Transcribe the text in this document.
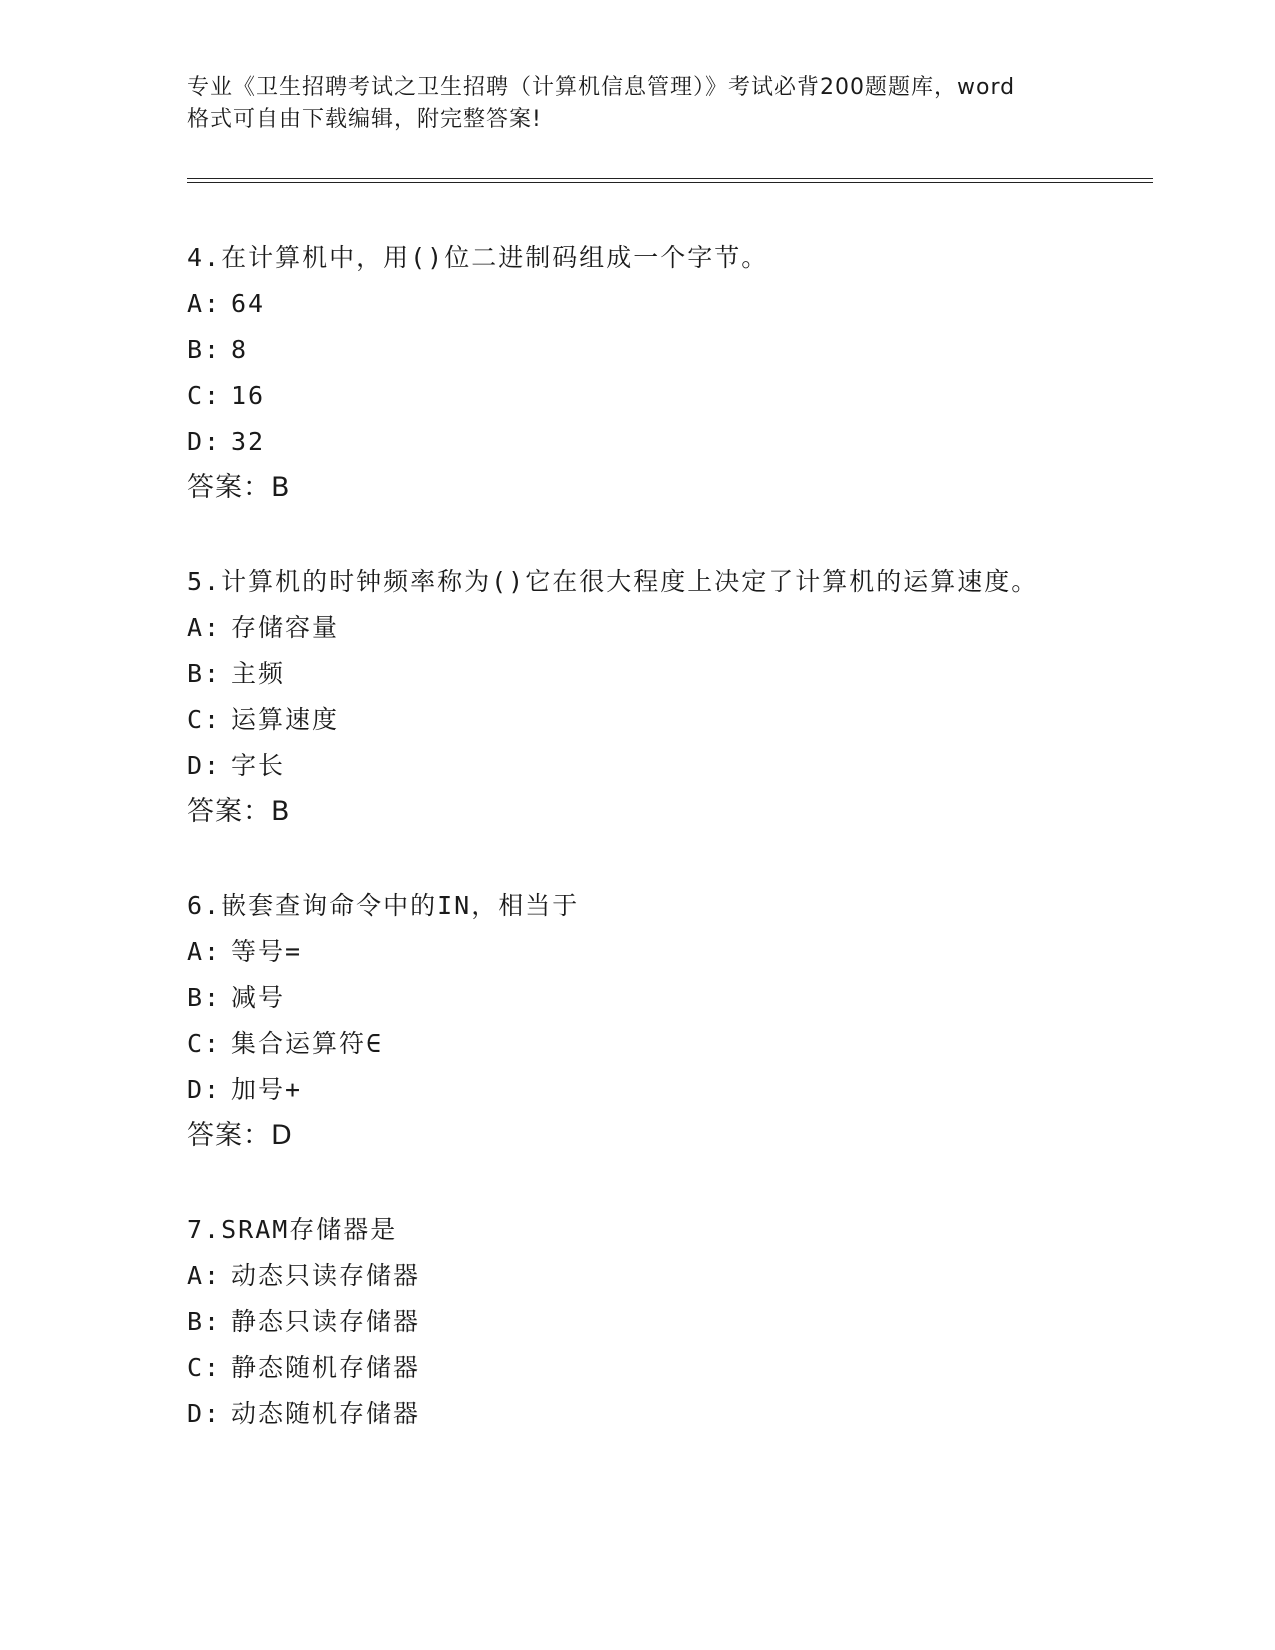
专业《卫生招聘考试之卫生招聘（计算机信息管理）》考试必背200题题库，word

格式可自由下载编辑，附完整答案!

4.在计算机中，用()位二进制码组成一个字节。

A: 64

B: 8

C: 16

D: 32

答案：B

5.计算机的时钟频率称为()它在很大程度上决定了计算机的运算速度。

A: 存储容量

B: 主频

C: 运算速度

D: 字长

答案：B

6.嵌套查询命令中的IN，相当于

A: 等号=

B: 减号

C: 集合运算符∈

D: 加号+

答案：D

7.SRAM存储器是

A: 动态只读存储器

B: 静态只读存储器

C: 静态随机存储器

D: 动态随机存储器
